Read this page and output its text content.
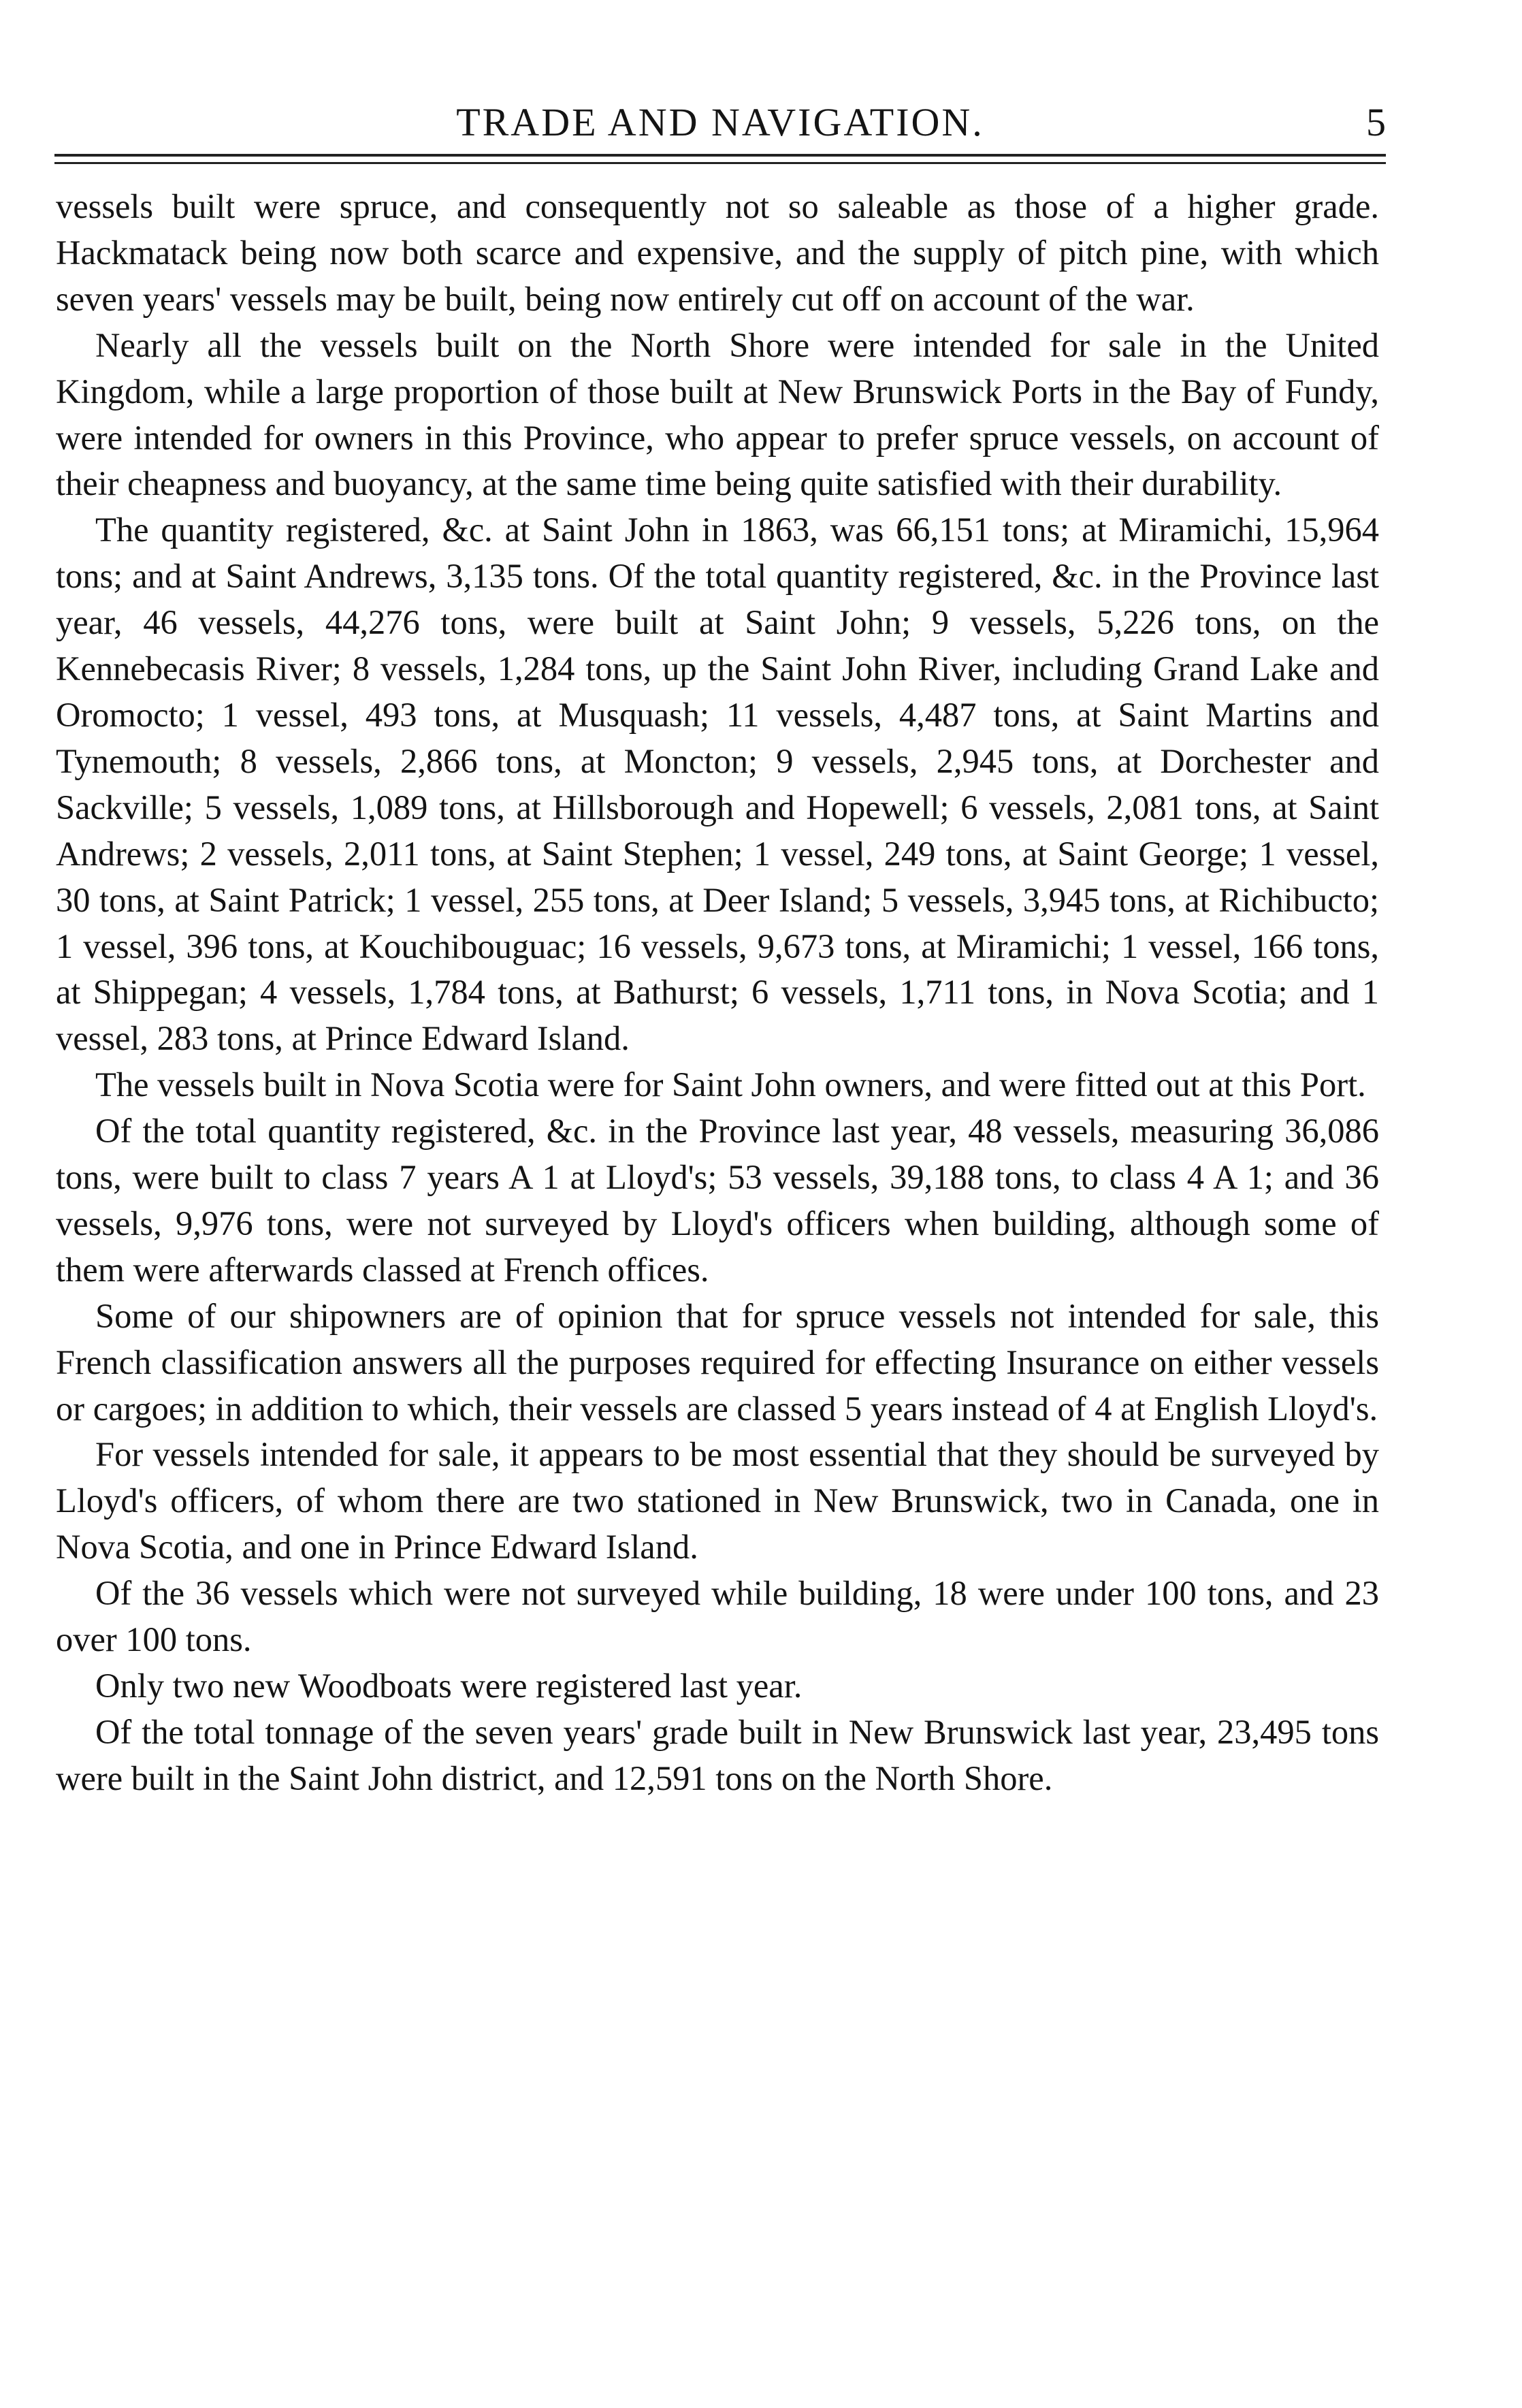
TRADE AND NAVIGATION.	5

vessels built were spruce, and consequently not so saleable as those of a higher grade. Hackmatack being now both scarce and expensive, and the supply of pitch pine, with which seven years' vessels may be built, being now entirely cut off on account of the war.

Nearly all the vessels built on the North Shore were intended for sale in the United Kingdom, while a large proportion of those built at New Brunswick Ports in the Bay of Fundy, were intended for owners in this Province, who appear to prefer spruce vessels, on account of their cheapness and buoyancy, at the same time being quite satisfied with their durability.

The quantity registered, &c. at Saint John in 1863, was 66,151 tons; at Miramichi, 15,964 tons; and at Saint Andrews, 3,135 tons. Of the total quantity registered, &c. in the Province last year, 46 vessels, 44,276 tons, were built at Saint John; 9 vessels, 5,226 tons, on the Kennebecasis River; 8 vessels, 1,284 tons, up the Saint John River, including Grand Lake and Oromocto; 1 vessel, 493 tons, at Musquash; 11 vessels, 4,487 tons, at Saint Martins and Tynemouth; 8 vessels, 2,866 tons, at Moncton; 9 vessels, 2,945 tons, at Dorchester and Sackville; 5 vessels, 1,089 tons, at Hillsborough and Hopewell; 6 vessels, 2,081 tons, at Saint Andrews; 2 vessels, 2,011 tons, at Saint Stephen; 1 vessel, 249 tons, at Saint George; 1 vessel, 30 tons, at Saint Patrick; 1 vessel, 255 tons, at Deer Island; 5 vessels, 3,945 tons, at Richibucto; 1 vessel, 396 tons, at Kouchibouguac; 16 vessels, 9,673 tons, at Miramichi; 1 vessel, 166 tons, at Shippegan; 4 vessels, 1,784 tons, at Bathurst; 6 vessels, 1,711 tons, in Nova Scotia; and 1 vessel, 283 tons, at Prince Edward Island.

The vessels built in Nova Scotia were for Saint John owners, and were fitted out at this Port.

Of the total quantity registered, &c. in the Province last year, 48 vessels, measuring 36,086 tons, were built to class 7 years A 1 at Lloyd's; 53 vessels, 39,188 tons, to class 4 A 1; and 36 vessels, 9,976 tons, were not surveyed by Lloyd's officers when building, although some of them were afterwards classed at French offices.

Some of our shipowners are of opinion that for spruce vessels not intended for sale, this French classification answers all the purposes required for effecting Insurance on either vessels or cargoes; in addition to which, their vessels are classed 5 years instead of 4 at English Lloyd's.

For vessels intended for sale, it appears to be most essential that they should be surveyed by Lloyd's officers, of whom there are two stationed in New Brunswick, two in Canada, one in Nova Scotia, and one in Prince Edward Island.

Of the 36 vessels which were not surveyed while building, 18 were under 100 tons, and 23 over 100 tons.

Only two new Woodboats were registered last year.

Of the total tonnage of the seven years' grade built in New Brunswick last year, 23,495 tons were built in the Saint John district, and 12,591 tons on the North Shore.
